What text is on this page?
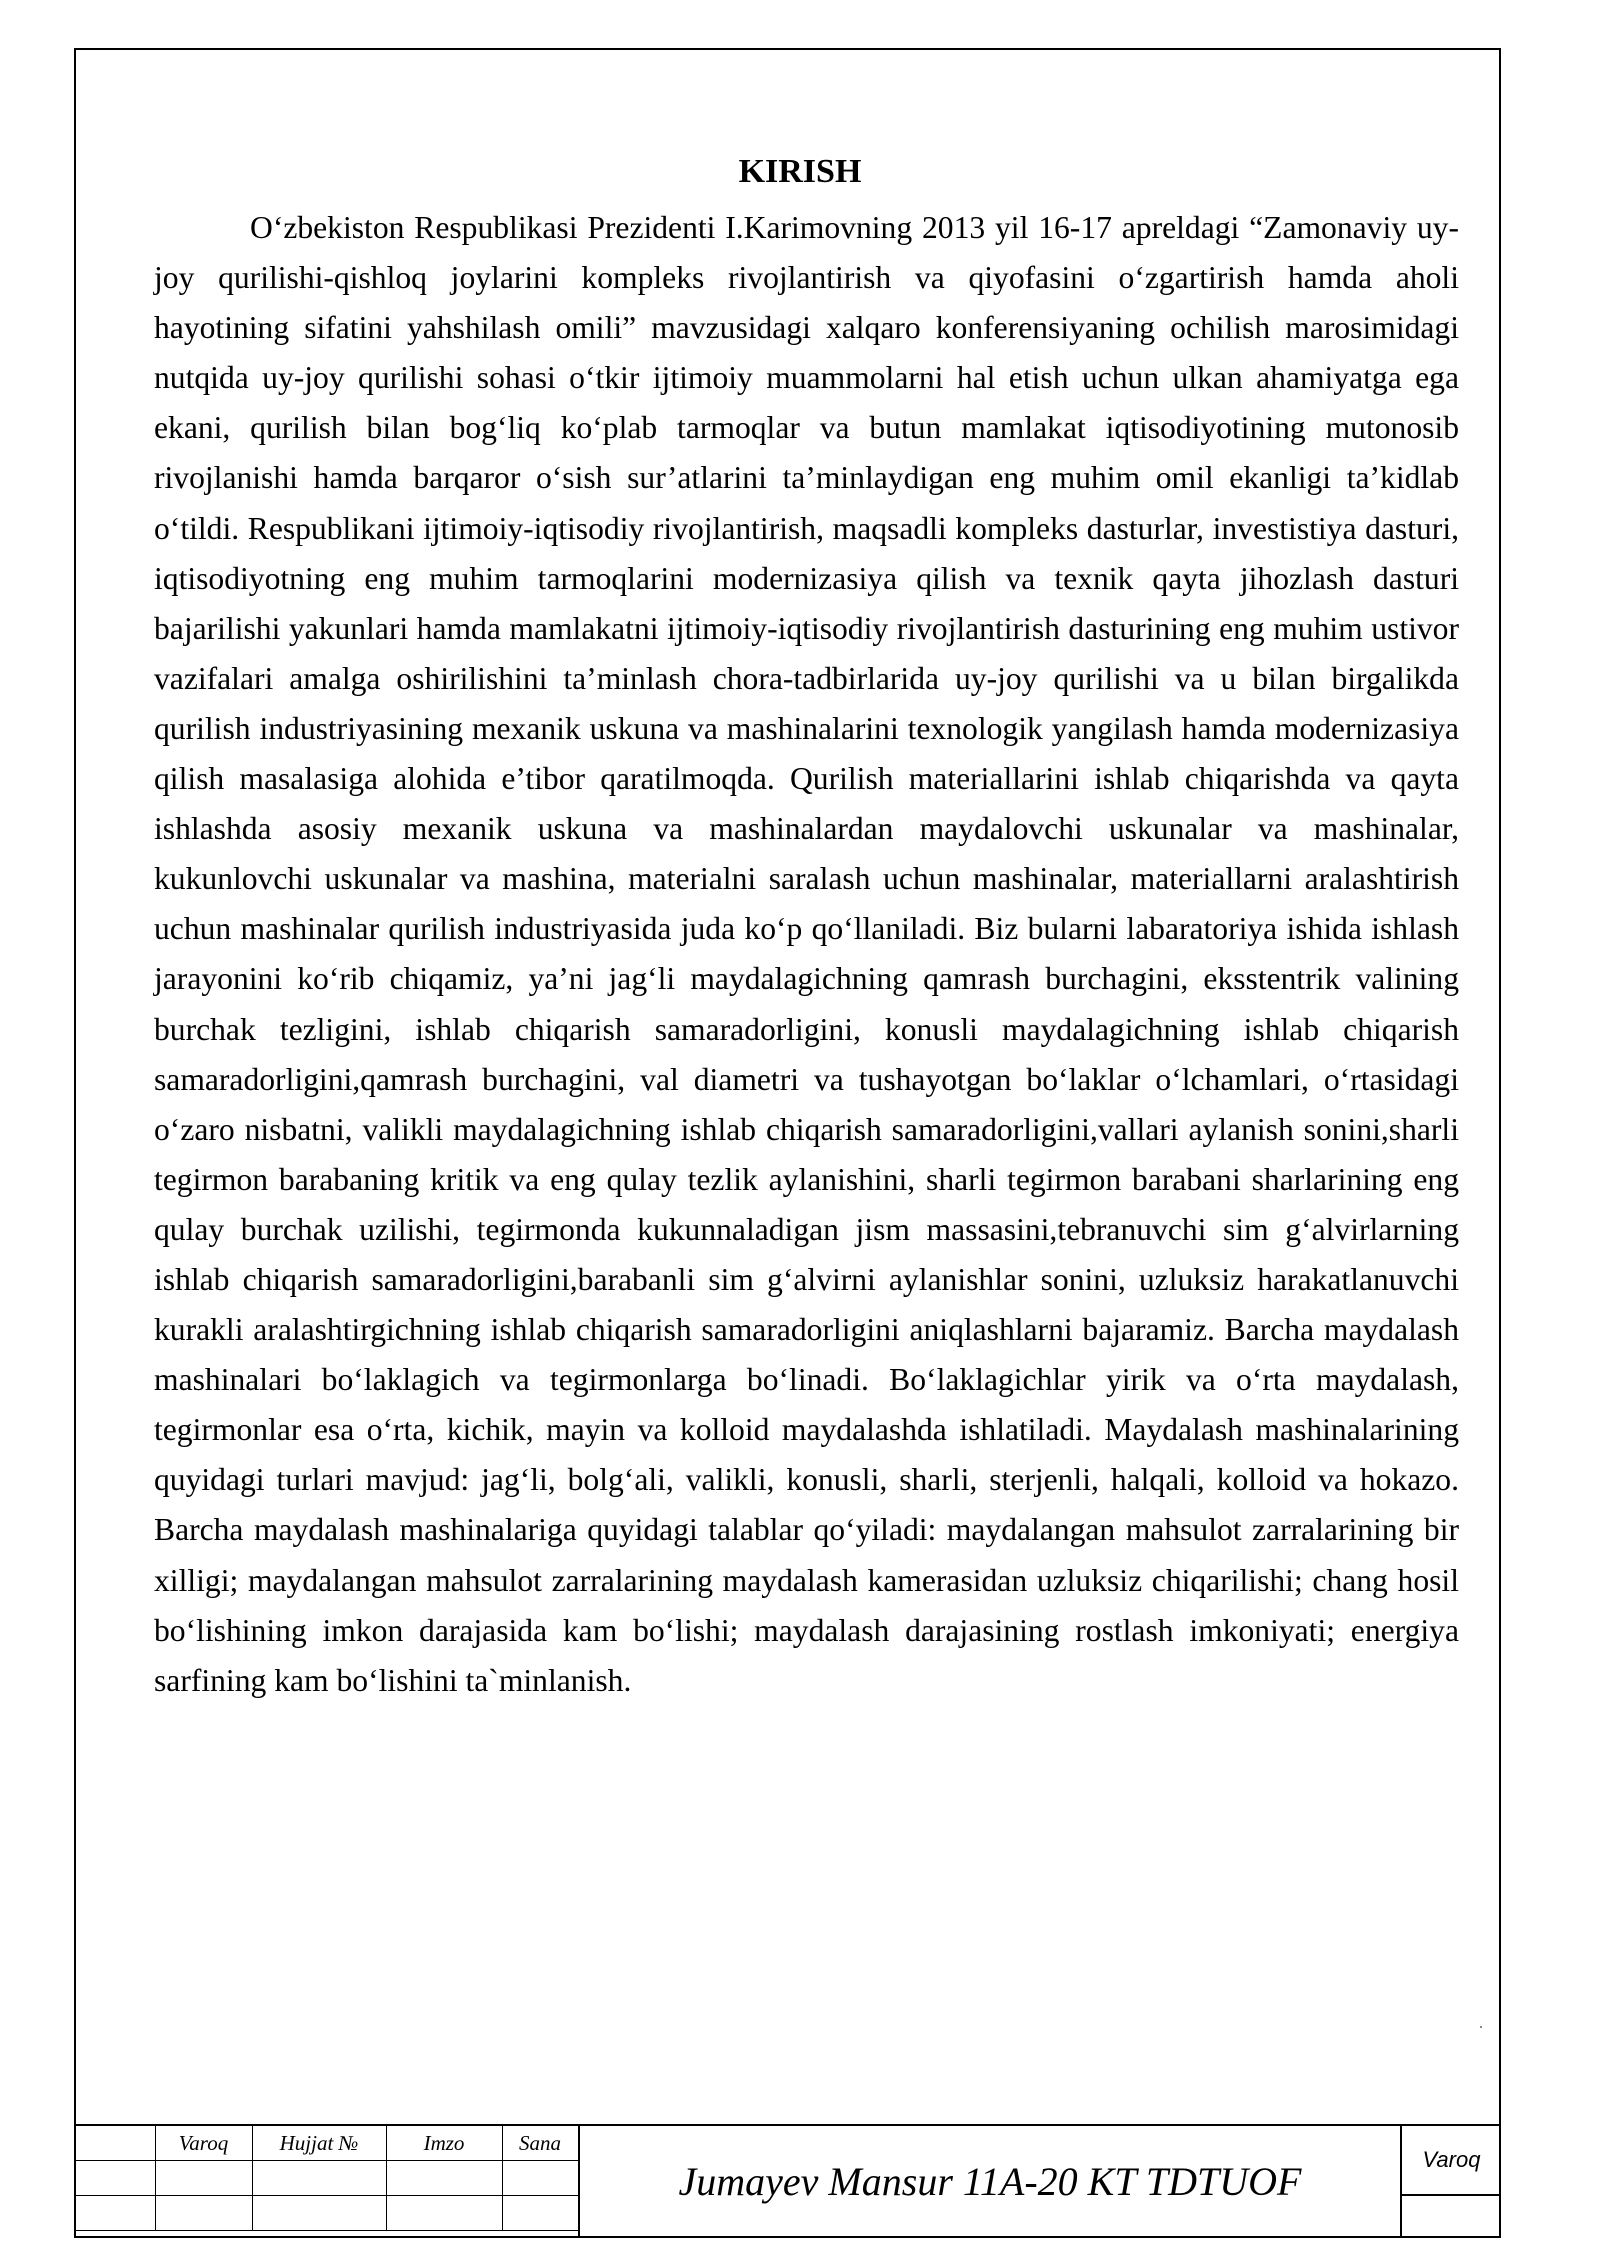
KIRISH

O‘zbekiston Respublikasi Prezidenti I.Karimovning 2013 yil 16-17 apreldagi “Zamonaviy uy-joy qurilishi-qishloq joylarini kompleks rivojlantirish va qiyofasini o‘zgartirish hamda aholi hayotining sifatini yahshilash omili” mavzusidagi xalqaro konferensiyaning ochilish marosimidagi nutqida uy-joy qurilishi sohasi o‘tkir ijtimoiy muammolarni hal etish uchun ulkan ahamiyatga ega ekani, qurilish bilan bog‘liq ko‘plab tarmoqlar va butun mamlakat iqtisodiyotining mutonosib rivojlanishi hamda barqaror o‘sish sur’atlarini ta’minlaydigan eng muhim omil ekanligi ta’kidlab o‘tildi. Respublikani ijtimoiy-iqtisodiy rivojlantirish, maqsadli kompleks dasturlar, investistiya dasturi, iqtisodiyotning eng muhim tarmoqlarini modernizasiya qilish va texnik qayta jihozlash dasturi bajarilishi yakunlari hamda mamlakatni ijtimoiy-iqtisodiy rivojlantirish dasturining eng muhim ustivor vazifalari amalga oshirilishini ta’minlash chora-tadbirlarida uy-joy qurilishi va u bilan birgalikda qurilish industriyasining mexanik uskuna va mashinalarini texnologik yangilash hamda modernizasiya qilish masalasiga alohida e’tibor qaratilmoqda. Qurilish materiallarini ishlab chiqarishda va qayta ishlashda asosiy mexanik uskuna va mashinalardan maydalovchi uskunalar va mashinalar, kukunlovchi uskunalar va mashina, materialni saralash uchun mashinalar, materiallarni aralashtirish uchun mashinalar qurilish industriyasida juda ko‘p qo‘llaniladi. Biz bularni labaratoriya ishida ishlash jarayonini ko‘rib chiqamiz, ya’ni jag‘li maydalagichning qamrash burchagini, eksstentrik valining burchak tezligini, ishlab chiqarish samaradorligini, konusli maydalagichning ishlab chiqarish samaradorligini,qamrash burchagini, val diametri va tushayotgan bo‘laklar o‘lchamlari, o‘rtasidagi o‘zaro nisbatni, valikli maydalagichning ishlab chiqarish samaradorligini,vallari aylanish sonini,sharli tegirmon barabaning kritik va eng qulay tezlik aylanishini, sharli tegirmon barabani sharlarining eng qulay burchak uzilishi, tegirmonda kukunnaladigan jism massasini,tebranuvchi sim g‘alvirlarning ishlab chiqarish samaradorligini,barabanli sim g‘alvirni aylanishlar sonini, uzluksiz harakatlanuvchi kurakli aralashtirgichning ishlab chiqarish samaradorligini aniqlashlarni bajaramiz. Barcha maydalash mashinalari bo‘laklagich va tegirmonlarga bo‘linadi. Bo‘laklagichlar yirik va o‘rta maydalash, tegirmonlar esa o‘rta, kichik, mayin va kolloid maydalashda ishlatiladi. Maydalash mashinalarining quyidagi turlari mavjud: jag‘li, bolg‘ali, valikli, konusli, sharli, sterjenli, halqali, kolloid va hokazo. Barcha maydalash mashinalariga quyidagi talablar qo‘yiladi: maydalangan mahsulot zarralarining bir xilligi; maydalangan mahsulot zarralarining maydalash kamerasidan uzluksiz chiqarilishi; chang hosil bo‘lishining imkon darajasida kam bo‘lishi; maydalash darajasining rostlash imkoniyati; energiya sarfining kam bo‘lishini ta`minlanish.

	Varoq	Hujjat №	Imzo	Sana

Jumayev Mansur 11A-20 KT TDTUOF	Varoq
